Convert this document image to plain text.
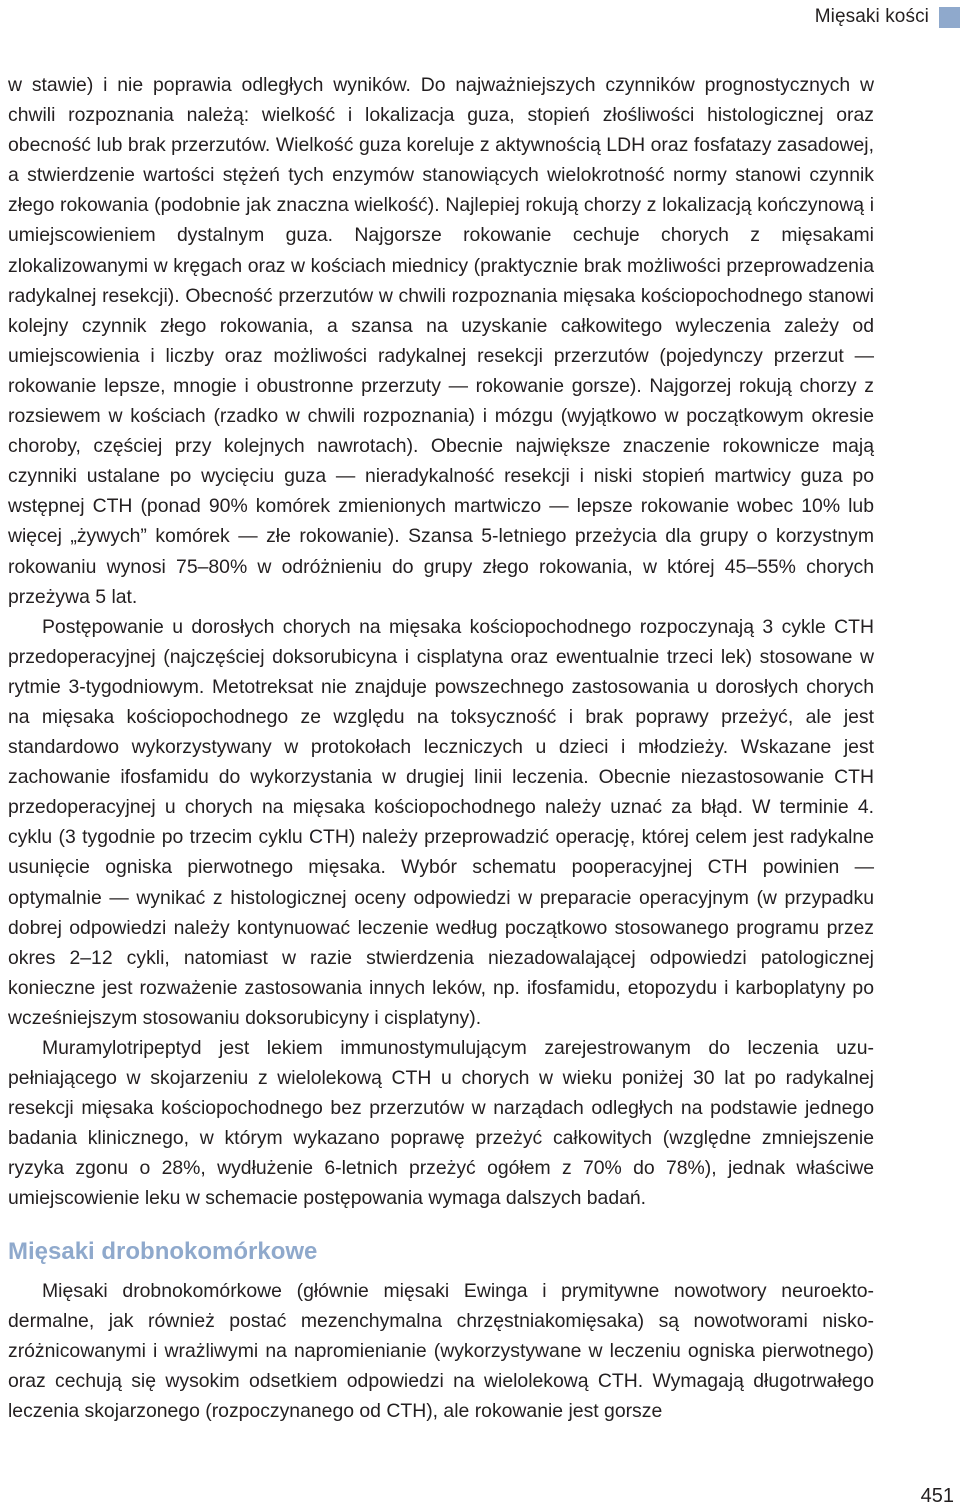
Mięsaki kości

w stawie) i nie poprawia odległych wyników. Do najważniejszych czynników prognostycznych w chwili rozpoznania należą: wielkość i lokalizacja guza, stopień złośliwości histologicznej oraz obecność lub brak przerzutów. Wielkość guza koreluje z aktywnością LDH oraz fosfatazy zasadowej, a stwierdzenie wartości stężeń tych enzymów stanowiących wielokrotność normy stanowi czynnik złego rokowania (podobnie jak znaczna wielkość). Najlepiej rokują chorzy z lokalizacją kończynową i umiejscowieniem dystalnym guza. Najgorsze rokowanie cechuje chorych z mięsakami zlokalizowanymi w kręgach oraz w kościach miednicy (praktycznie brak możliwości przeprowadzenia radykalnej resekcji). Obecność przerzutów w chwili rozpoznania mięsaka kościopochodnego stanowi kolejny czynnik złego rokowania, a szansa na uzyskanie całkowitego wyleczenia zależy od umiejscowienia i liczby oraz możliwości radykalnej resekcji przerzutów (pojedynczy przerzut — rokowanie lepsze, mnogie i obustronne przerzuty — rokowanie gorsze). Najgorzej rokują chorzy z rozsiewem w kościach (rzadko w chwili rozpoznania) i mózgu (wyjątkowo w początkowym okresie choroby, częściej przy kolejnych nawrotach). Obecnie największe znaczenie rokownicze mają czynniki ustalane po wycięciu guza — nieradykalność resekcji i niski stopień martwicy guza po wstępnej CTH (ponad 90% komórek zmienionych martwiczo — lepsze rokowanie wobec 10% lub więcej „żywych” komórek — złe rokowanie). Szansa 5-letniego przeżycia dla grupy o korzystnym rokowaniu wynosi 75–80% w odróżnieniu do grupy złego rokowania, w której 45–55% chorych przeżywa 5 lat.

Postępowanie u dorosłych chorych na mięsaka kościopochodnego rozpoczynają 3 cykle CTH przedoperacyjnej (najczęściej doksorubicyna i cisplatyna oraz ewentualnie trzeci lek) stosowane w rytmie 3-tygodniowym. Metotreksat nie znajduje powszechnego zastosowania u dorosłych chorych na mięsaka kościopochodnego ze względu na toksyczność i brak poprawy przeżyć, ale jest standardowo wykorzystywany w protokołach leczniczych u dzieci i młodzieży. Wskazane jest zachowanie ifosfamidu do wykorzystania w drugiej linii leczenia. Obecnie niezastosowanie CTH przedoperacyjnej u chorych na mięsaka kościopochodnego należy uznać za błąd. W terminie 4. cyklu (3 tygodnie po trzecim cyklu CTH) należy przeprowadzić operację, której celem jest radykalne usunięcie ogniska pierwotnego mięsaka. Wybór schematu pooperacyjnej CTH powinien — optymalnie — wynikać z histologicznej oceny odpowiedzi w preparacie operacyjnym (w przypadku dobrej odpowiedzi należy kontynuować leczenie według początkowo stosowanego programu przez okres 2–12 cykli, natomiast w razie stwierdzenia niezadowalającej odpowiedzi patologicznej konieczne jest rozważenie zastosowania innych leków, np. ifosfamidu, etopozydu i karboplatyny po wcześniejszym stosowaniu doksorubicyny i cisplatyny).

Muramylotripeptyd jest lekiem immunostymulującym zarejestrowanym do leczenia uzupełniającego w skojarzeniu z wielolekową CTH u chorych w wieku poniżej 30 lat po radykalnej resekcji mięsaka kościopochodnego bez przerzutów w narządach odległych na podstawie jednego badania klinicznego, w którym wykazano poprawę przeżyć całkowitych (względne zmniejszenie ryzyka zgonu o 28%, wydłużenie 6-letnich przeżyć ogółem z 70% do 78%), jednak właściwe umiejscowienie leku w schemacie postępowania wymaga dalszych badań.

Mięsaki drobnokomórkowe

Mięsaki drobnokomórkowe (głównie mięsaki Ewinga i prymitywne nowotwory neuroektodermalne, jak również postać mezenchymalna chrzęstniakomięsaka) są nowotworami niskozróżnicowanymi i wrażliwymi na napromienianie (wykorzystywane w leczeniu ogniska pierwotnego) oraz cechują się wysokim odsetkiem odpowiedzi na wielolekową CTH. Wymagają długotrwałego leczenia skojarzonego (rozpoczynanego od CTH), ale rokowanie jest gorsze

451
